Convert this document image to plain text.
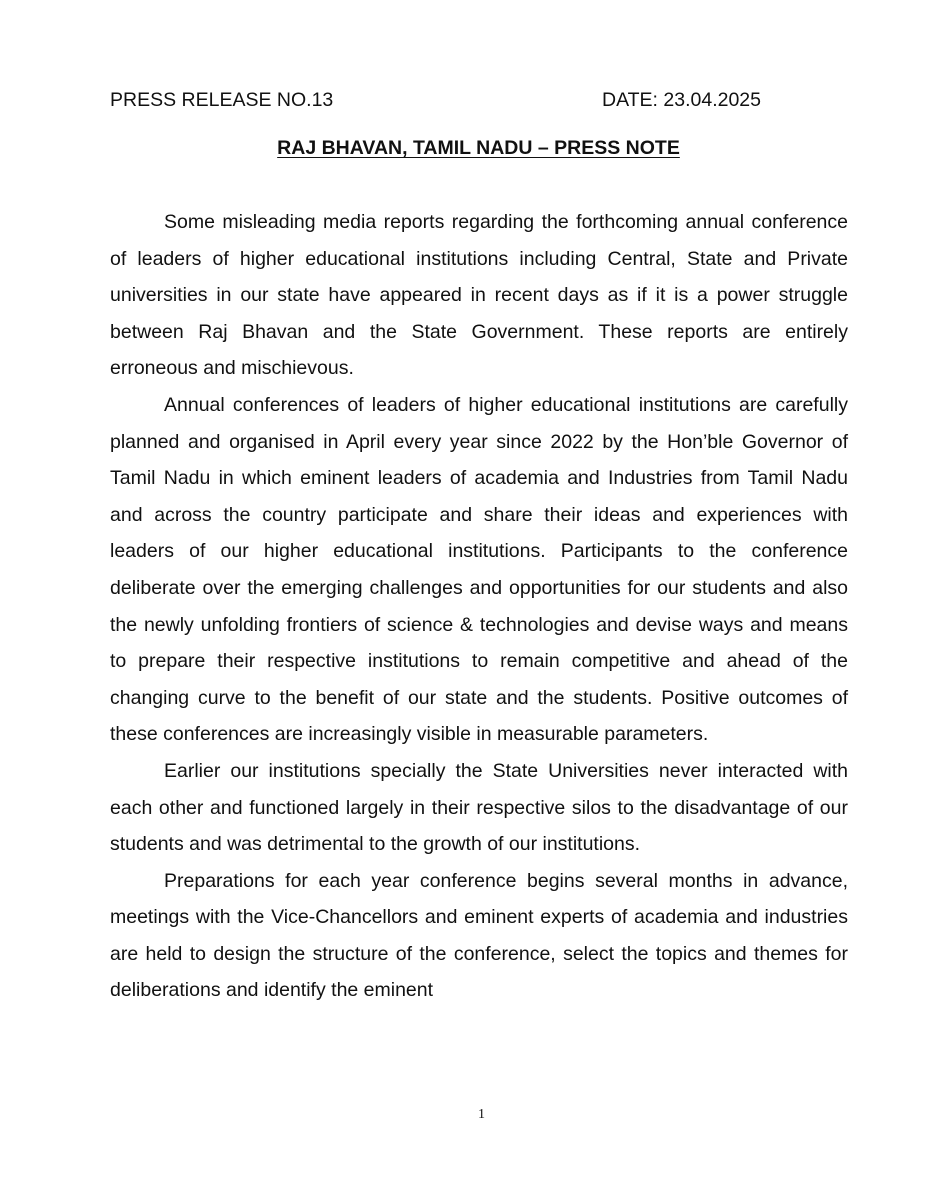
PRESS RELEASE NO.13	DATE: 23.04.2025
RAJ BHAVAN, TAMIL NADU – PRESS NOTE

Some misleading media reports regarding the forthcoming annual conference of leaders of higher educational institutions including Central, State and Private universities in our state have appeared in recent days as if it is a power struggle between Raj Bhavan and the State Government. These reports are entirely erroneous and mischievous.

Annual conferences of leaders of higher educational institutions are carefully planned and organised in April every year since 2022 by the Hon’ble Governor of Tamil Nadu in which eminent leaders of academia and Industries from Tamil Nadu and across the country participate and share their ideas and experiences with leaders of our higher educational institutions. Participants to the conference deliberate over the emerging challenges and opportunities for our students and also the newly unfolding frontiers of science & technologies and devise ways and means to prepare their respective institutions to remain competitive and ahead of the changing curve to the benefit of our state and the students. Positive outcomes of these conferences are increasingly visible in measurable parameters.

Earlier our institutions specially the State Universities never interacted with each other and functioned largely in their respective silos to the disadvantage of our students and was detrimental to the growth of our institutions.

Preparations for each year conference begins several months in advance, meetings with the Vice-Chancellors and eminent experts of academia and industries are held to design the structure of the conference, select the topics and themes for deliberations and identify the eminent

1
